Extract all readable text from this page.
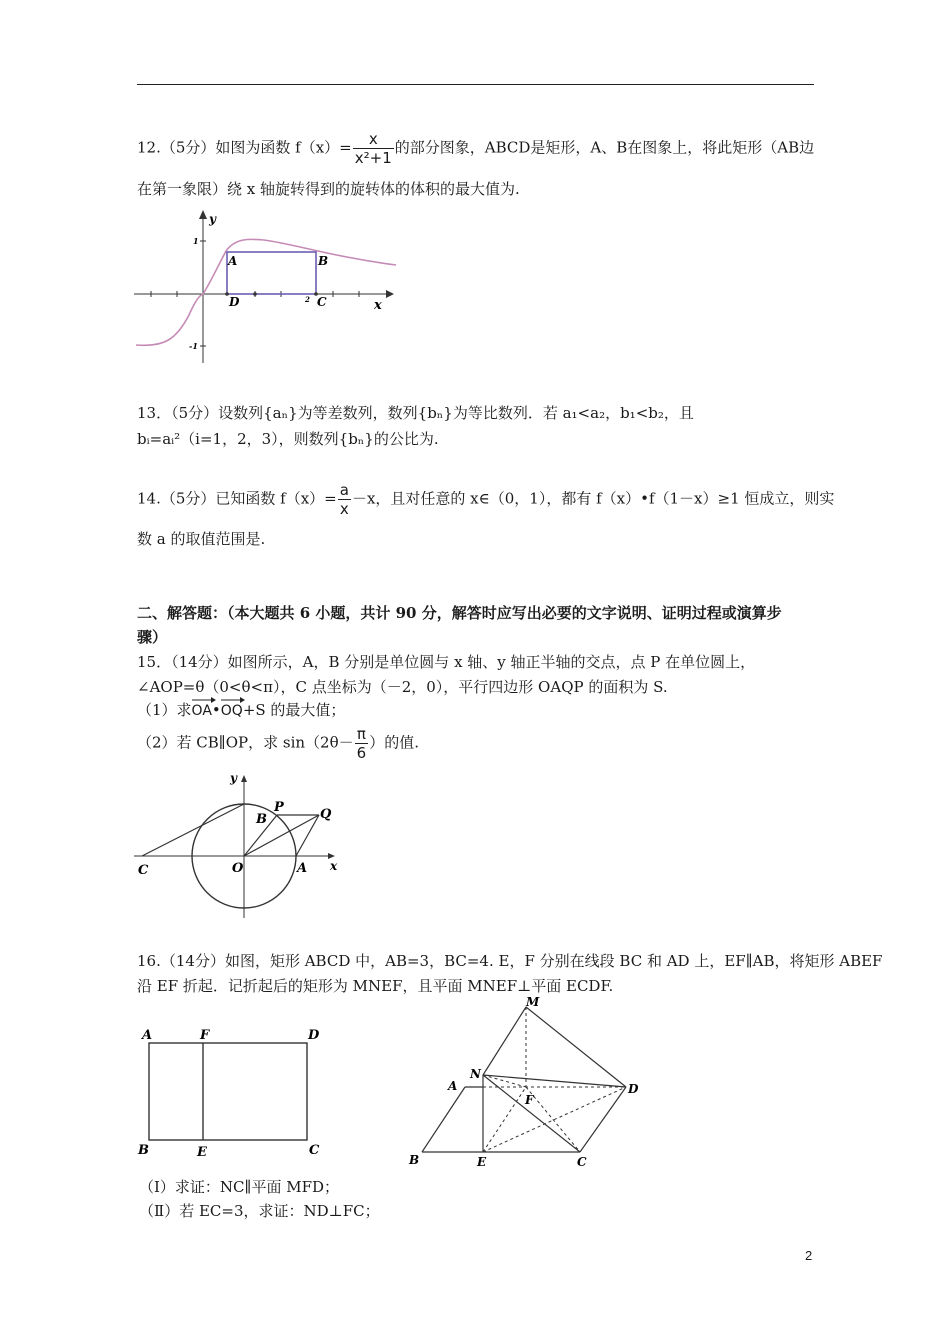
12.（5分）如图为函数 $f(x)= \frac{x}{\text{x²+1}}$ 的部分图象，ABCD是矩形，A、B在图象上，将此矩形（AB边
在第一象限）绕 x 轴旋转得到的旋转体的体积的最大值为.
y
x
A	B
D	C
1
-1
2
13．（5分）设数列{aₙ}为等差数列，数列{bₙ}为等比数列．若 a₁<a₂，b₁<b₂，且
bᵢ=aᵢ²（i=1，2，3），则数列{bₙ}的公比为.
14.（5分）已知函数 $f(x)= \frac{a}{x} -x$，且对任意的 x∈（0，1），都有 f（x）•f（1－x）≥1 恒成立，则实
数 a 的取值范围是.
二、解答题：（本大题共 6 小题，共计 90 分，解答时应写出必要的文字说明、证明过程或演算步
骤）
15．（14分）如图所示，A，B 分别是单位圆与 x 轴、y 轴正半轴的交点，点 P 在单位圆上，
∠AOP=θ（0<θ<π），C 点坐标为（－2，0），平行四边形 OAQP 的面积为 S.
（1）求
OA•
OQ+S 的最大值；
（2）若 CB∥OP，求 $\sin(2\theta- \frac{\pi}{6}$ ）的值.
y
x
C	O	A
B
P	Q
16.（14分）如图，矩形 ABCD 中，AB=3，BC=4. E，F 分别在线段 BC 和 AD 上，EF∥AB，将矩形 ABEF
沿 EF 折起．记折起后的矩形为 MNEF，且平面 MNEF⊥平面 ECDF.
A	F	D
B	E	C
M
N
A
F
D
B	E	C
（Ⅰ）求证：NC∥平面 MFD；
（Ⅱ）若 EC=3，求证：ND⊥FC；
2
